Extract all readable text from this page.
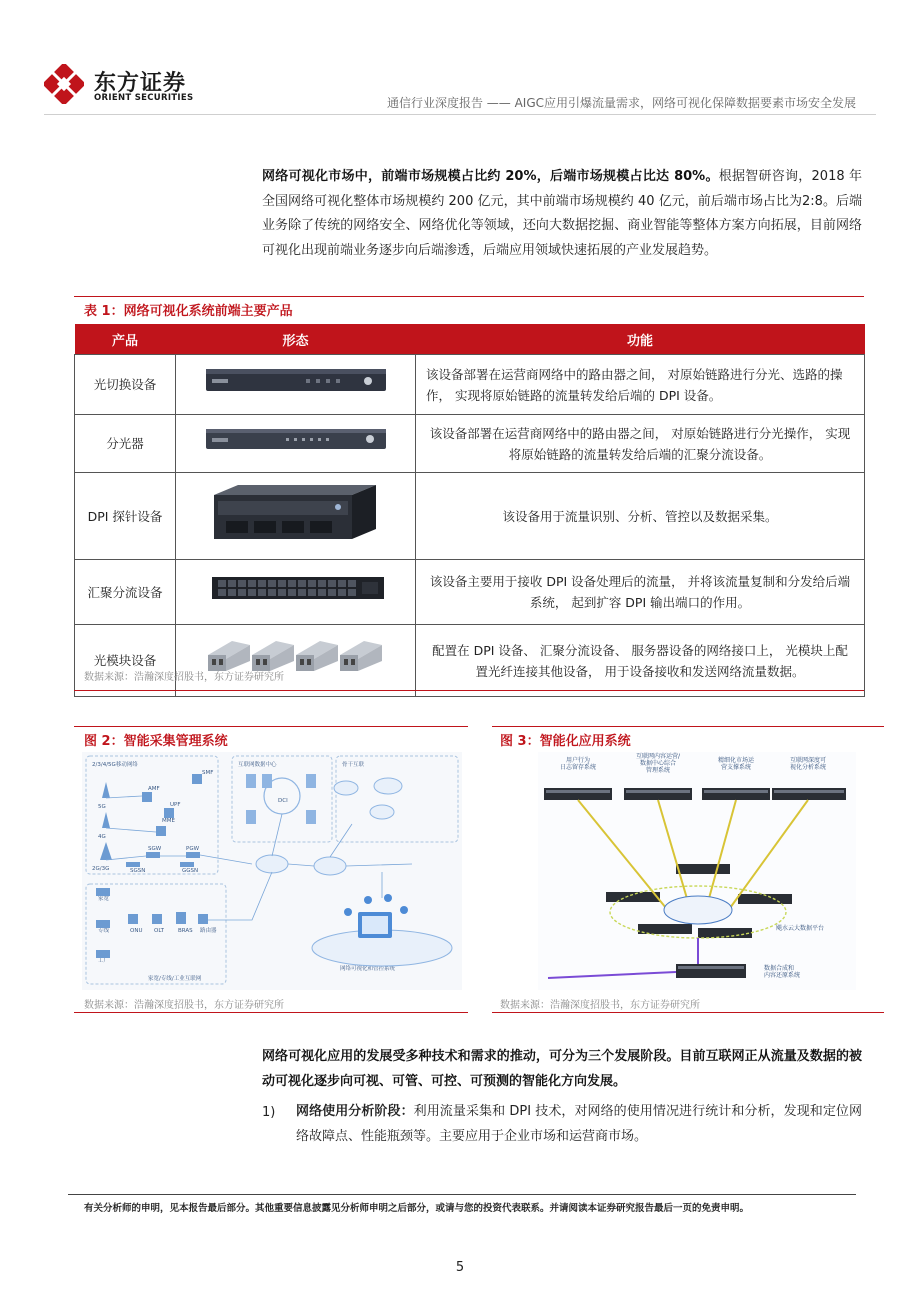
东方证券
ORIENT SECURITIES	通信行业深度报告 —— AIGC应用引爆流量需求，网络可视化保障数据要素市场安全发展
网络可视化市场中，前端市场规模占比约 20%，后端市场规模占比达 80%。根据智研咨询，2018 年全国网络可视化整体市场规模约 200 亿元，其中前端市场规模约 40 亿元，前后端市场占比为2:8。后端业务除了传统的网络安全、网络优化等领域，还向大数据挖掘、商业智能等整体方案方向拓展，目前网络可视化出现前端业务逐步向后端渗透，后端应用领域快速拓展的产业发展趋势。
表 1：网络可视化系统前端主要产品
产品	形态	功能
光切换设备		该设备部署在运营商网络中的路由器之间， 对原始链路进行分光、选路的操作， 实现将原始链路的流量转发给后端的 DPI 设备。
分光器		该设备部署在运营商网络中的路由器之间， 对原始链路进行分光操作， 实现将原始链路的流量转发给后端的汇聚分流设备。
DPI 探针设备		该设备用于流量识别、分析、管控以及数据采集。
汇聚分流设备		该设备主要用于接收 DPI 设备处理后的流量， 并将该流量复制和分发给后端系统， 起到扩容 DPI 输出端口的作用。
光模块设备		配置在 DPI 设备、 汇聚分流设备、 服务器设备的网络接口上， 光模块上配置光纤连接其他设备， 用于设备接收和发送网络流量数据。
数据来源：浩瀚深度招股书，东方证券研究所
图 2：智能采集管理系统
2/3/4/5G移动网络	互联网数据中心	骨干互联
家宽/专线/工业互联网
网络可视化和管控系统
5G
4G
2G/3G
SMF
AMF
UPF
MME
SGW	PGW
SGSN	GGSN
DCI
家宽
专线
工厂
ONU OLT	BRAS 路由器
数据来源：浩瀚深度招股书，东方证券研究所
图 3：智能化应用系统
用户行为日志留存系统
互联网内容运营/数据中心综合管理系统
精细化市场运营支撑系统
互联网深度可视化分析系统
飓水云大数据平台
数据合成和内容还原系统
数据来源：浩瀚深度招股书，东方证券研究所
网络可视化应用的发展受多种技术和需求的推动，可分为三个发展阶段。目前互联网正从流量及数据的被动可视化逐步向可视、可管、可控、可预测的智能化方向发展。
1) 网络使用分析阶段：利用流量采集和 DPI 技术，对网络的使用情况进行统计和分析，发现和定位网络故障点、性能瓶颈等。主要应用于企业市场和运营商市场。
有关分析师的申明，见本报告最后部分。其他重要信息披露见分析师申明之后部分，或请与您的投资代表联系。并请阅读本证券研究报告最后一页的免责申明。
5
